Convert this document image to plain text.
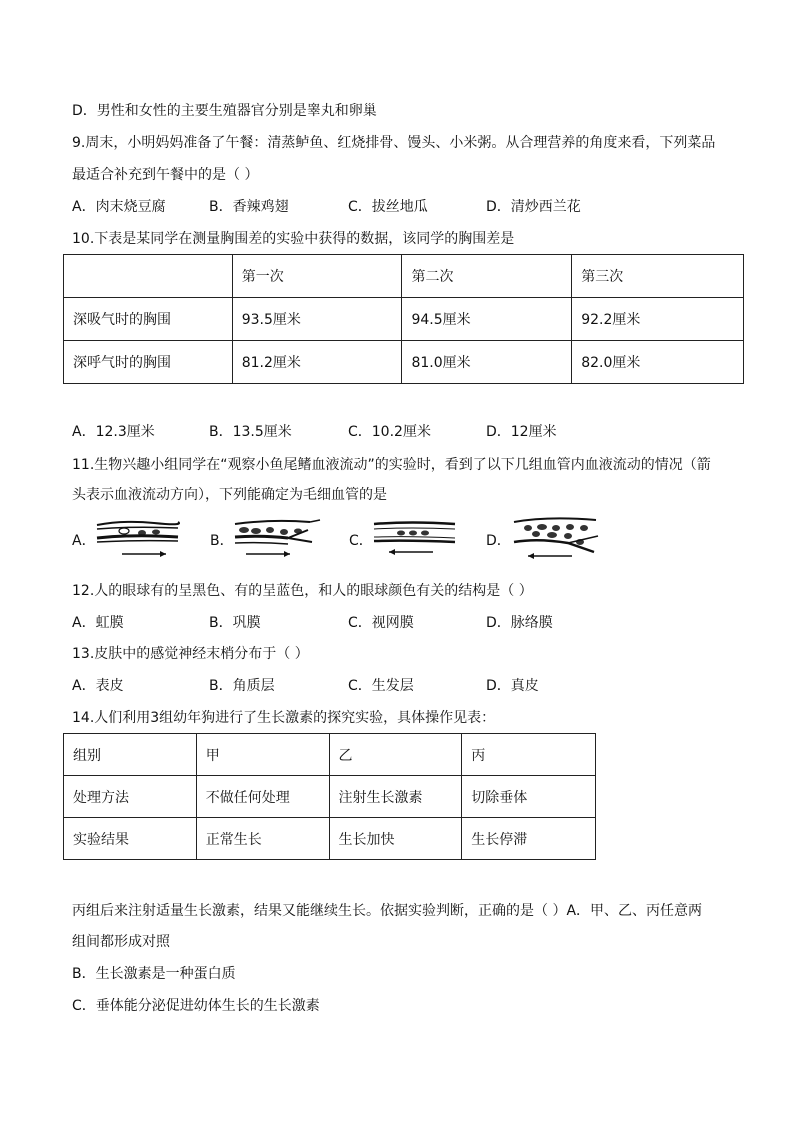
D．男性和女性的主要生殖器官分别是睾丸和卵巢
9.周末，小明妈妈准备了午餐：清蒸鲈鱼、红烧排骨、馒头、小米粥。从合理营养的角度来看，下列菜品
最适合补充到午餐中的是（ ）
A．肉末烧豆腐	B．香辣鸡翅	C．拔丝地瓜	D．清炒西兰花
10.下表是某同学在测量胸围差的实验中获得的数据，该同学的胸围差是
	第一次	第二次	第三次
深吸气时的胸围	93.5厘米	94.5厘米	92.2厘米
深呼气时的胸围	81.2厘米	81.0厘米	82.0厘米
A．12.3厘米	B．13.5厘米	C．10.2厘米	D．12厘米
11.生物兴趣小组同学在“观察小鱼尾鳍血液流动”的实验时，看到了以下几组血管内血液流动的情况（箭
头表示血液流动方向），下列能确定为毛细血管的是
A．	B．	C．	D．
12.人的眼球有的呈黑色、有的呈蓝色，和人的眼球颜色有关的结构是（ ）
A．虹膜	B．巩膜	C．视网膜	D．脉络膜
13.皮肤中的感觉神经末梢分布于（ ）
A．表皮	B．角质层	C．生发层	D．真皮
14.人们利用3组幼年狗进行了生长激素的探究实验，具体操作见表：
组别	甲	乙	丙
处理方法	不做任何处理	注射生长激素	切除垂体
实验结果	正常生长	生长加快	生长停滞
丙组后来注射适量生长激素，结果又能继续生长。依据实验判断，正确的是（ ）A．甲、乙、丙任意两
组间都形成对照
B．生长激素是一种蛋白质
C．垂体能分泌促进幼体生长的生长激素
